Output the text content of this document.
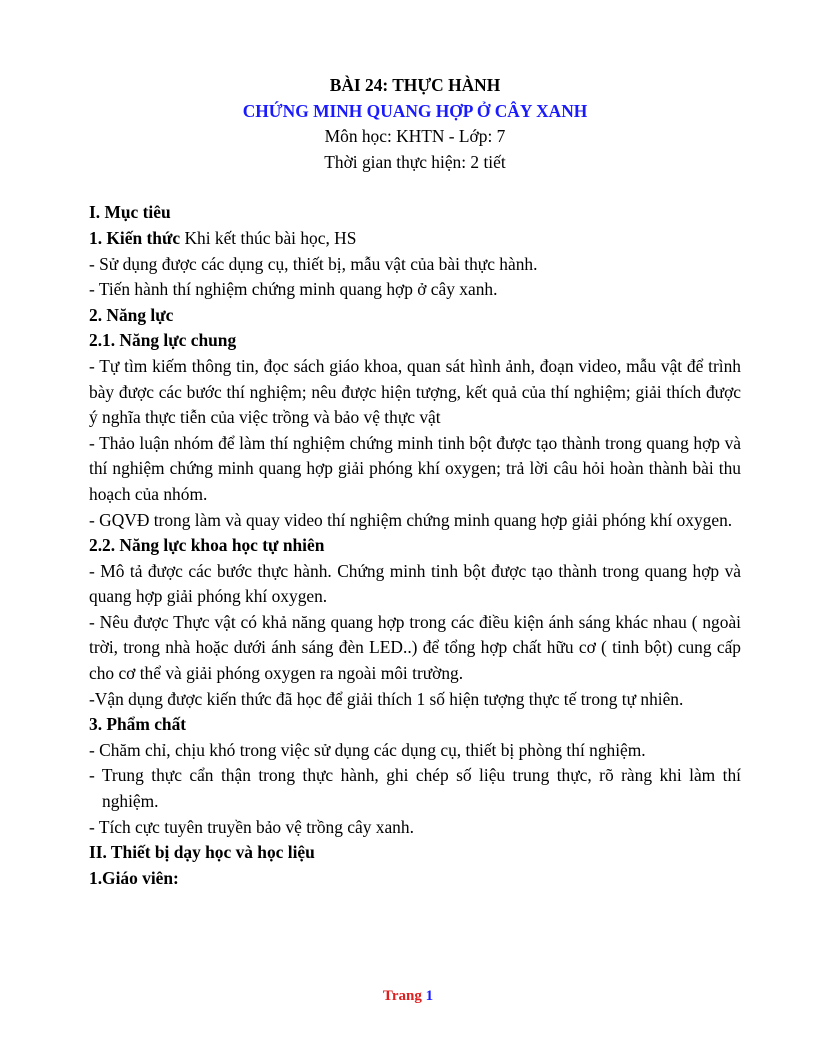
BÀI 24: THỰC HÀNH
CHỨNG MINH QUANG HỢP Ở CÂY XANH
Môn học: KHTN - Lớp: 7
Thời gian thực hiện: 2 tiết
I. Mục tiêu
1. Kiến thức Khi kết thúc bài học, HS
- Sử dụng được các dụng cụ, thiết bị, mẫu vật của bài thực hành.
- Tiến hành thí nghiệm chứng minh quang hợp ở cây xanh.
2. Năng lực
2.1. Năng lực chung
- Tự tìm kiếm thông tin, đọc sách giáo khoa, quan sát hình ảnh, đoạn video, mẫu vật để trình bày được các bước thí nghiệm; nêu được hiện tượng, kết quả của thí nghiệm; giải thích được ý nghĩa thực tiễn của việc trồng và bảo vệ thực vật
- Thảo luận nhóm để làm thí nghiệm chứng minh tinh bột được tạo thành trong quang hợp và thí nghiệm chứng minh quang hợp giải phóng khí oxygen; trả lời câu hỏi hoàn thành bài thu hoạch của nhóm.
- GQVĐ trong làm và quay video thí nghiệm chứng minh quang hợp giải phóng khí oxygen.
2.2. Năng lực khoa học tự nhiên
- Mô tả được các bước thực hành. Chứng minh tinh bột được tạo thành trong quang hợp và quang hợp giải phóng khí oxygen.
- Nêu được Thực vật có khả năng quang hợp trong các điều kiện ánh sáng khác nhau ( ngoài trời, trong nhà hoặc dưới ánh sáng đèn LED..) để tổng hợp chất hữu cơ ( tinh bột) cung cấp cho cơ thể và giải phóng oxygen ra ngoài môi trường.
-Vận dụng được kiến thức đã học để giải thích 1 số hiện tượng thực tế trong tự nhiên.
3. Phẩm chất
- Chăm chỉ, chịu khó trong việc sử dụng các dụng cụ, thiết bị phòng thí nghiệm.
- Trung thực cẩn thận trong thực hành, ghi chép số liệu trung thực, rõ ràng khi làm thí
nghiệm.
- Tích cực tuyên truyền bảo vệ trồng cây xanh.
II. Thiết bị dạy học và học liệu
1.Giáo viên:
Trang 1
